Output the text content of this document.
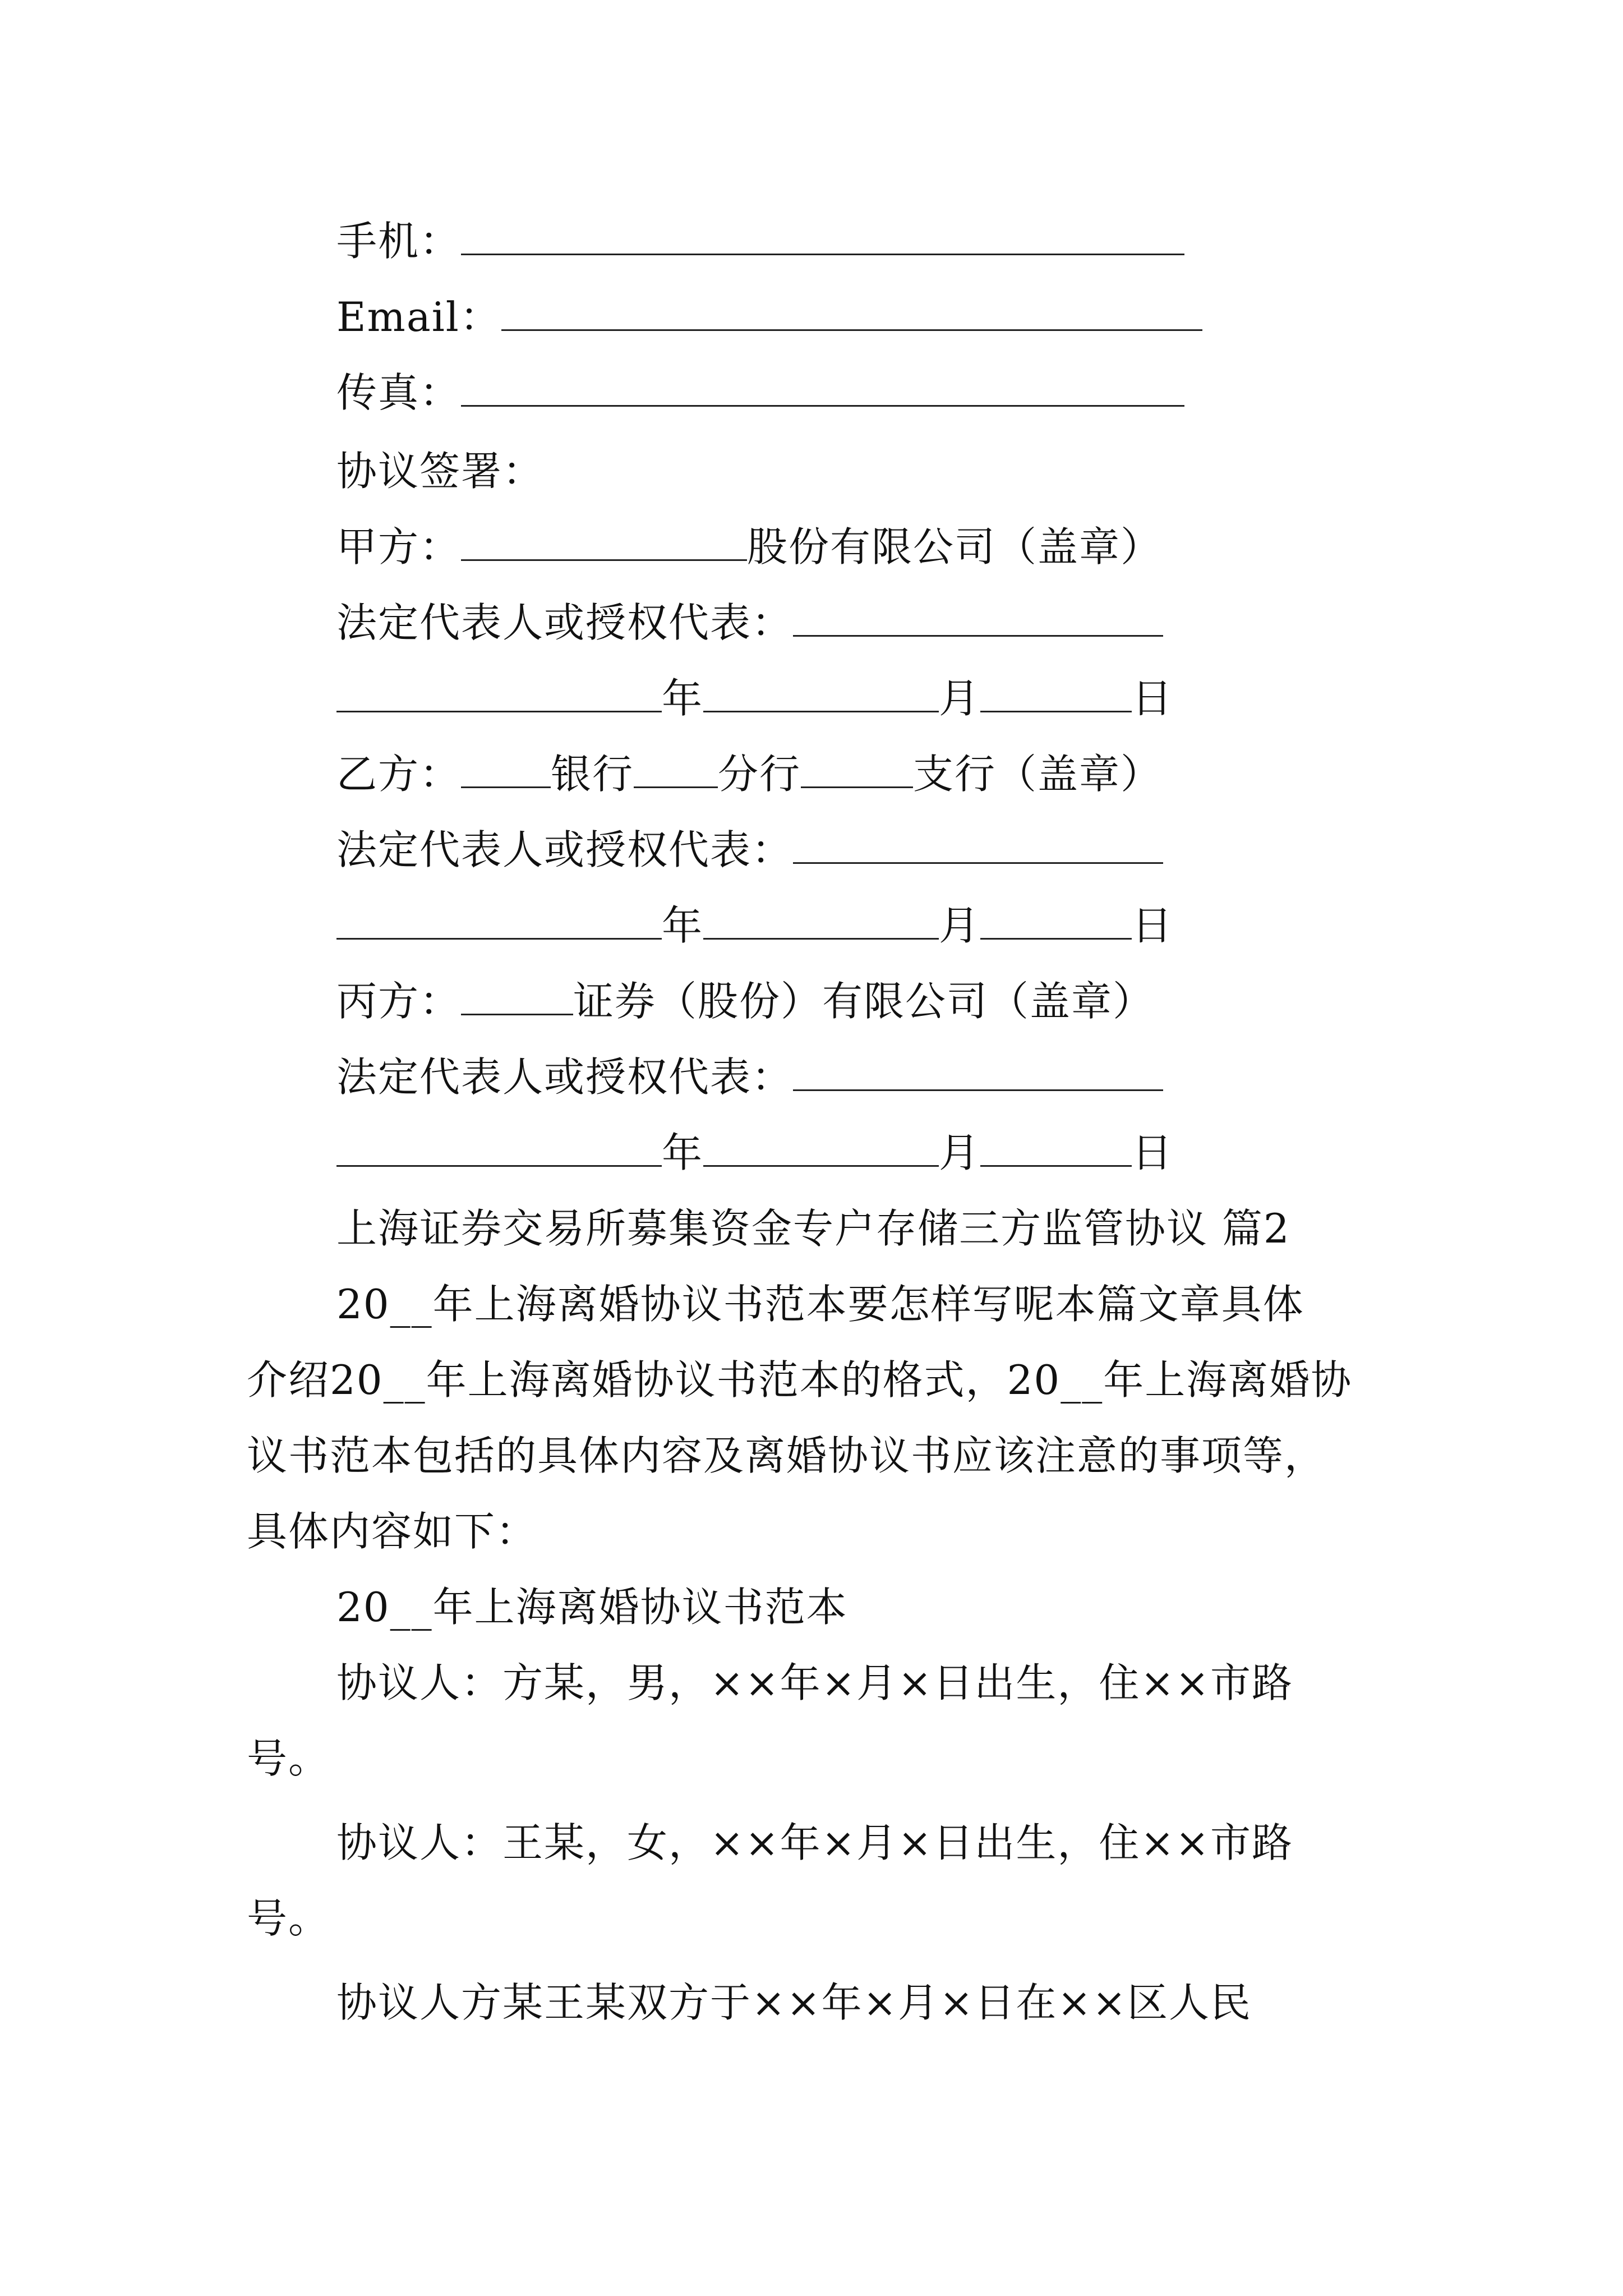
手机：
Email：
传真：
协议签署：
甲方：	股份有限公司（盖章）
法定代表人或授权代表：
年	月	日
乙方： 银行 分行	支行（盖章）
法定代表人或授权代表：
年	月	日
丙方：	证券（股份）有限公司（盖章）
法定代表人或授权代表：
年	月	日
上海证券交易所募集资金专户存储三方监管协议 篇2
20__年上海离婚协议书范本要怎样写呢本篇文章具体
介绍20__年上海离婚协议书范本的格式，20__年上海离婚协
议书范本包括的具体内容及离婚协议书应该注意的事项等，
具体内容如下：
20__年上海离婚协议书范本
协议人：方某，男，××年×月×日出生，住××市路
号。
协议人：王某，女，××年×月×日出生，住××市路
号。
协议人方某王某双方于××年×月×日在××区人民
